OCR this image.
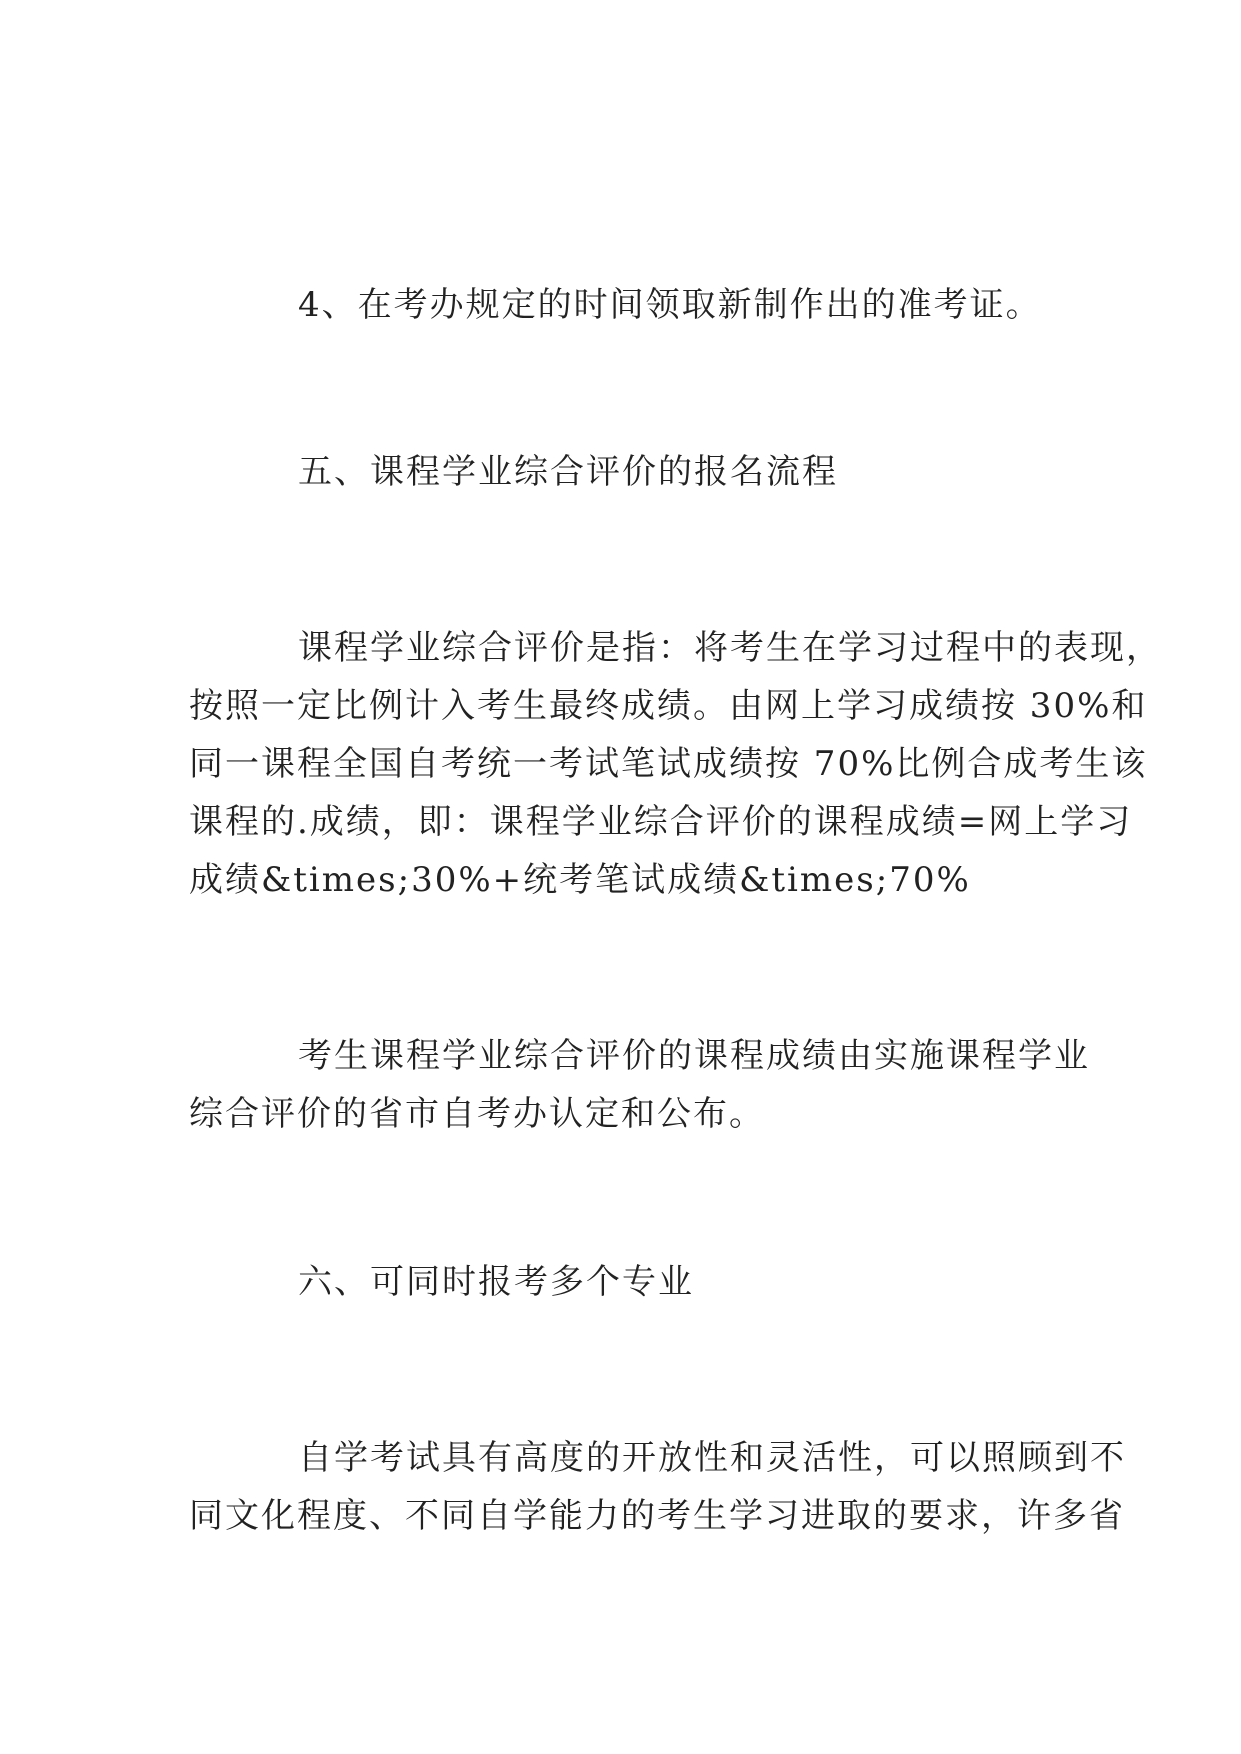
4、在考办规定的时间领取新制作出的准考证。
五、课程学业综合评价的报名流程
课程学业综合评价是指：将考生在学习过程中的表现，
按照一定比例计入考生最终成绩。由网上学习成绩按 30%和
同一课程全国自考统一考试笔试成绩按 70%比例合成考生该
课程的.成绩，即：课程学业综合评价的课程成绩=网上学习
成绩&times;30%+统考笔试成绩&times;70%
考生课程学业综合评价的课程成绩由实施课程学业
综合评价的省市自考办认定和公布。
六、可同时报考多个专业
自学考试具有高度的开放性和灵活性，可以照顾到不
同文化程度、不同自学能力的考生学习进取的要求，许多省
